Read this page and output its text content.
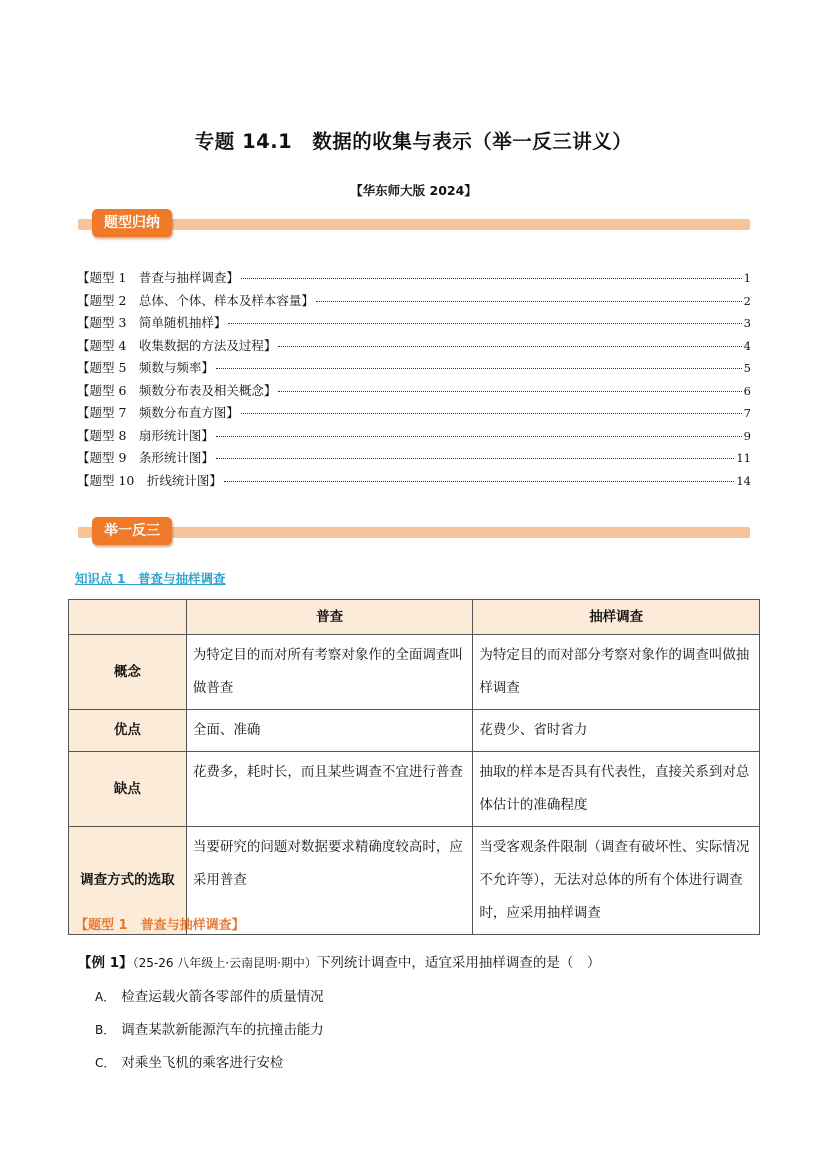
专题 14.1　数据的收集与表示（举一反三讲义）
【华东师大版 2024】
题型归纳
【题型 1　普查与抽样调查】	1
【题型 2　总体、个体、样本及样本容量】	2
【题型 3　简单随机抽样】	3
【题型 4　收集数据的方法及过程】	4
【题型 5　频数与频率】	5
【题型 6　频数分布表及相关概念】	6
【题型 7　频数分布直方图】	7
【题型 8　扇形统计图】	9
【题型 9　条形统计图】	11
【题型 10　折线统计图】	14
举一反三
知识点 1　普查与抽样调查
	普查	抽样调查
概念	为特定目的而对所有考察对象作的全面调查叫做普查	为特定目的而对部分考察对象作的调查叫做抽样调查
优点	全面、准确	花费少、省时省力
缺点	花费多，耗时长，而且某些调查不宜进行普查	抽取的样本是否具有代表性，直接关系到对总体估计的准确程度
调查方式的选取	当要研究的问题对数据要求精确度较高时，应采用普查	当受客观条件限制（调查有破坏性、实际情况不允许等），无法对总体的所有个体进行调查时，应采用抽样调查
【题型 1　普查与抽样调查】
【例 1】（25-26 八年级上·云南昆明·期中）下列统计调查中，适宜采用抽样调查的是（　）
A． 检查运载火箭各零部件的质量情况
B． 调查某款新能源汽车的抗撞击能力
C． 对乘坐飞机的乘客进行安检
